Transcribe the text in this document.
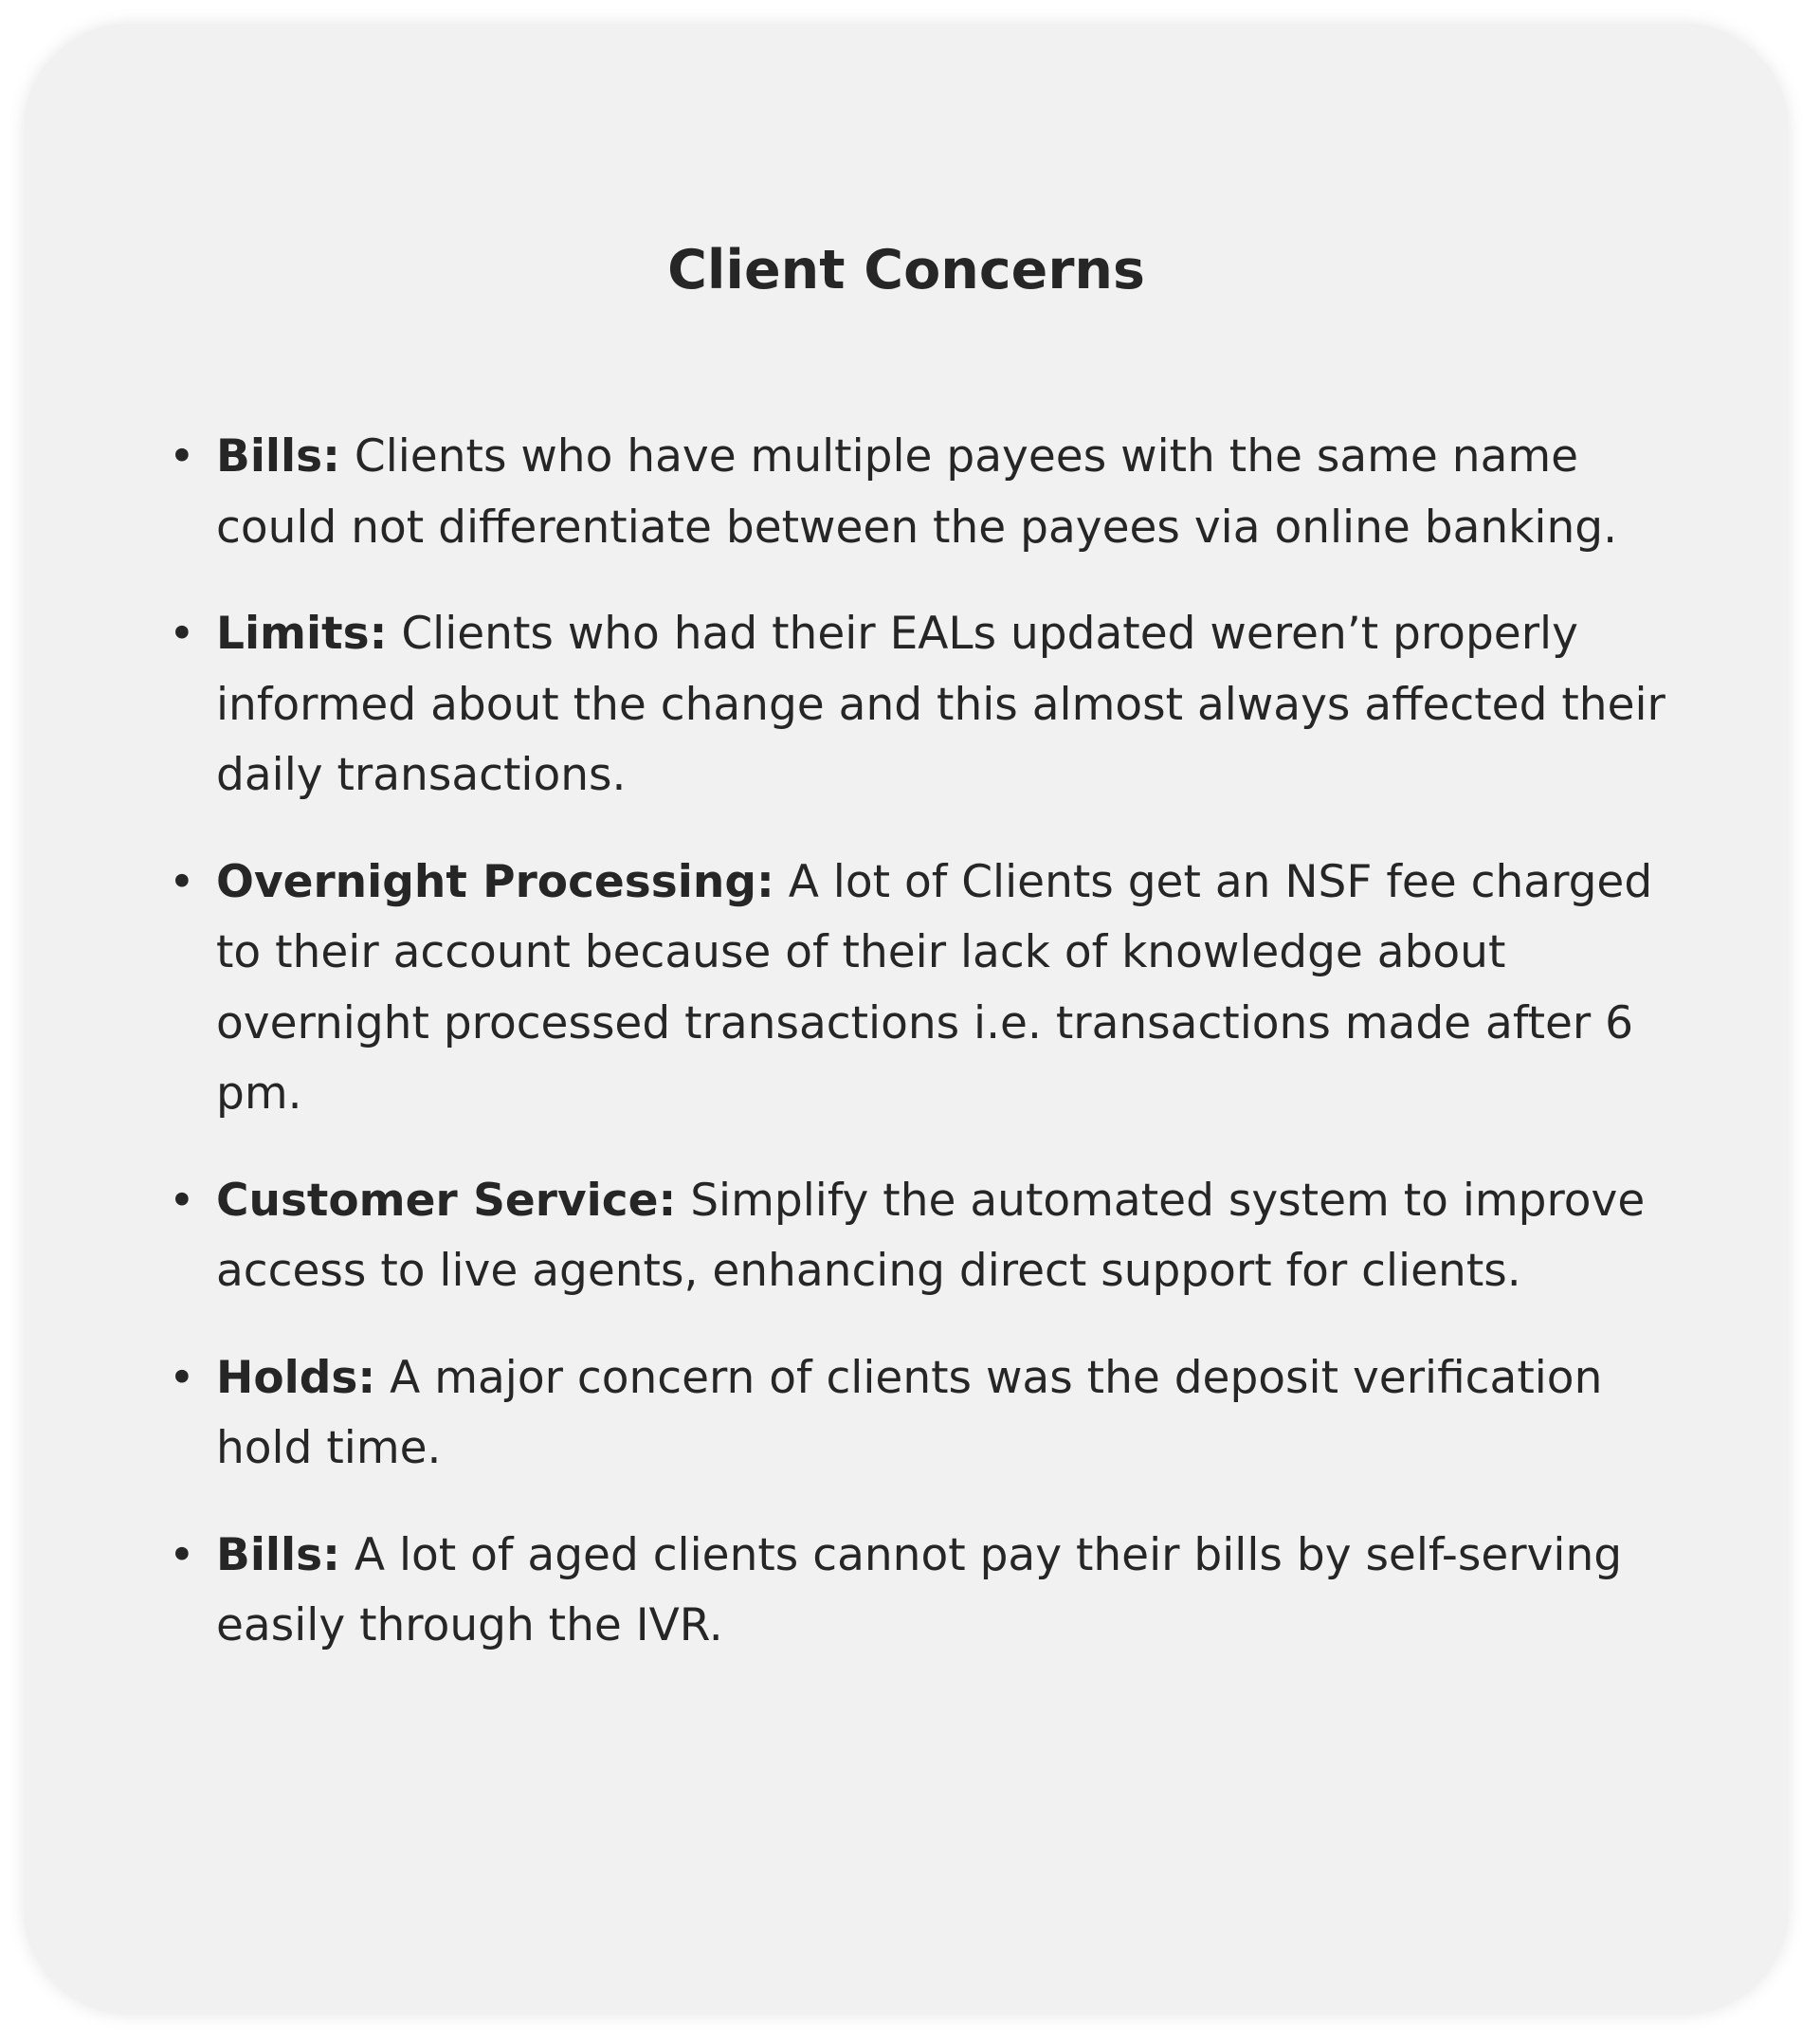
Client Concerns
• Bills: Clients who have multiple payees with the same name could not differentiate between the payees via online banking.
• Limits: Clients who had their EALs updated weren’t properly informed about the change and this almost always affected their daily transactions.
• Overnight Processing: A lot of Clients get an NSF fee charged to their account because of their lack of knowledge about overnight processed transactions i.e. transactions made after 6 pm.
• Customer Service: Simplify the automated system to improve access to live agents, enhancing direct support for clients.
• Holds: A major concern of clients was the deposit verification hold time.
• Bills: A lot of aged clients cannot pay their bills by self-serving easily through the IVR.
